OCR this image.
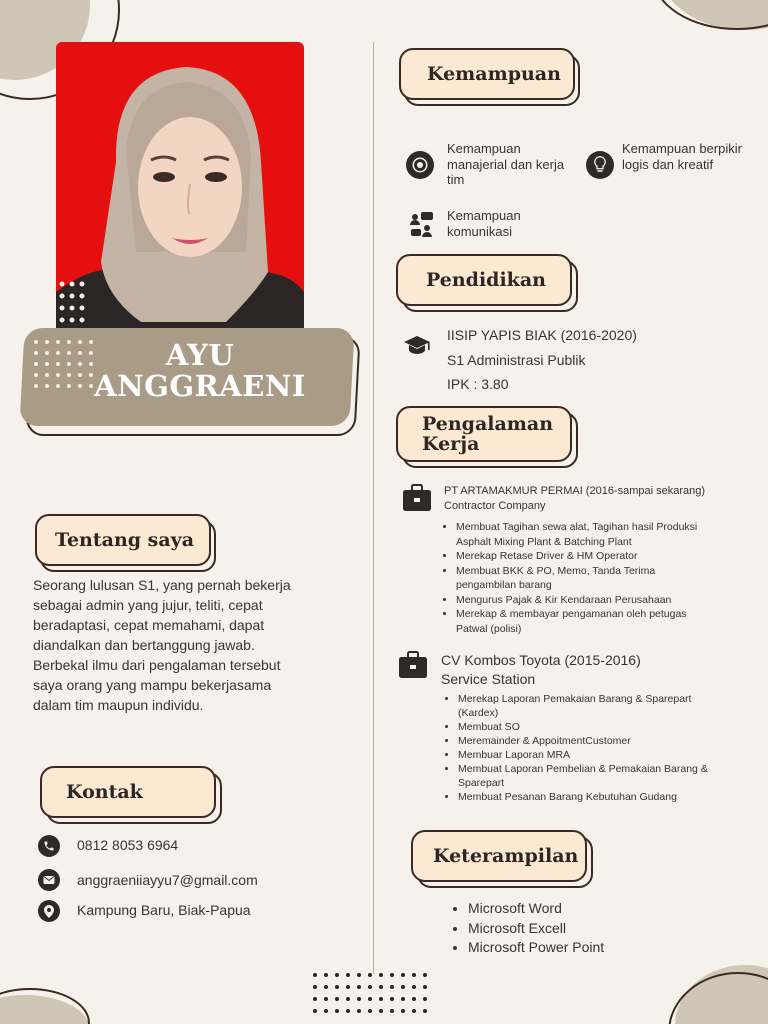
AYU
ANGGRAENI
Tentang saya
Seorang lulusan S1, yang pernah bekerja sebagai admin yang jujur, teliti, cepat beradaptasi, cepat memahami, dapat diandalkan dan bertanggung jawab. Berbekal ilmu dari pengalaman tersebut saya orang yang mampu bekerjasama dalam tim maupun individu.
Kontak
0812 8053 6964
anggraeniiayyu7@gmail.com
Kampung Baru, Biak-Papua
Kemampuan
Kemampuan manajerial dan kerja tim
Kemampuan berpikir logis dan kreatif
Kemampuan komunikasi
Pendidikan
IISIP YAPIS BIAK (2016-2020)
S1 Administrasi Publik
IPK : 3.80
Pengalaman
Kerja
PT ARTAMAKMUR PERMAI (2016-sampai sekarang)
Contractor Company
• Membuat Tagihan sewa alat, Tagihan hasil Produksi Asphalt Mixing Plant & Batching Plant
• Merekap Retase Driver & HM Operator
• Membuat BKK & PO, Memo, Tanda Terima pengambilan barang
• Mengurus Pajak & Kir Kendaraan Perusahaan
• Merekap & membayar pengamanan oleh petugas Patwal (polisi)
CV Kombos Toyota (2015-2016)
Service Station
• Merekap Laporan Pemakaian Barang & Sparepart (Kardex)
• Membuat SO
• Meremainder & AppoitmentCustomer
• Membuar Laporan MRA
• Membuat Laporan Pembelian & Pemakaian Barang & Sparepart
• Membuat Pesanan Barang Kebutuhan Gudang
Keterampilan
• Microsoft Word
• Microsoft Excell
• Microsoft Power Point
